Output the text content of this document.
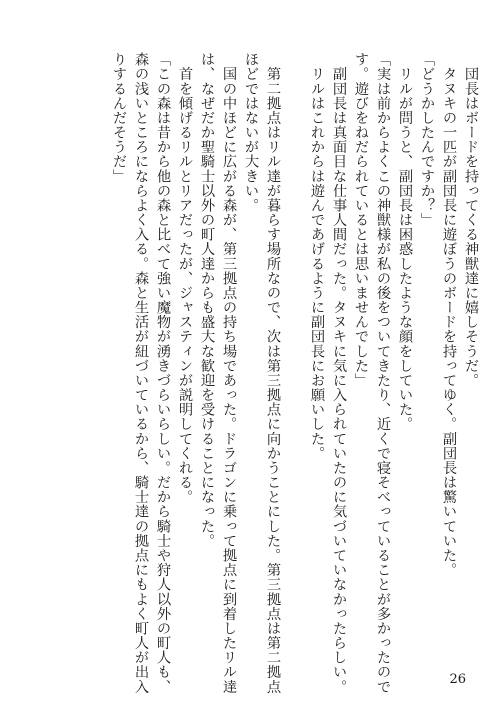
　団長はボードを持ってくる神獣達に嬉しそうだ。
　タヌキの一匹が副団長に遊ぼうのボードを持ってゆく。副団長は驚いていた。
「どうかしたんですか？」
　リルが問うと、副団長は困惑したような顔をしていた。
「実は前からよくこの神獣様が私の後をついてきたり、近くで寝そべっていることが多かったので
す。遊びをねだられているとは思いませんでした」
　副団長は真面目な仕事人間だった。タヌキに気に入られていたのに気づいていなかったらしい。
　リルはこれからは遊んであげるように副団長にお願いした。
　第二拠点はリル達が暮らす場所なので、次は第三拠点に向かうことにした。第三拠点は第二拠点
ほどではないが大きい。
　国の中ほどに広がる森が、第三拠点の持ち場であった。ドラゴンに乗って拠点に到着したリル達
は、なぜだか聖騎士以外の町人達からも盛大な歓迎を受けることになった。
　首を傾げるリルとリアだったが、ジャスティンが説明してくれる。
「この森は昔から他の森と比べて強い魔物が湧きづらいらしい。だから騎士や狩人以外の町人も、
森の浅いところにならよく入る。森と生活が紐づいているから、騎士達の拠点にもよく町人が出入
りするんだそうだ」
26
